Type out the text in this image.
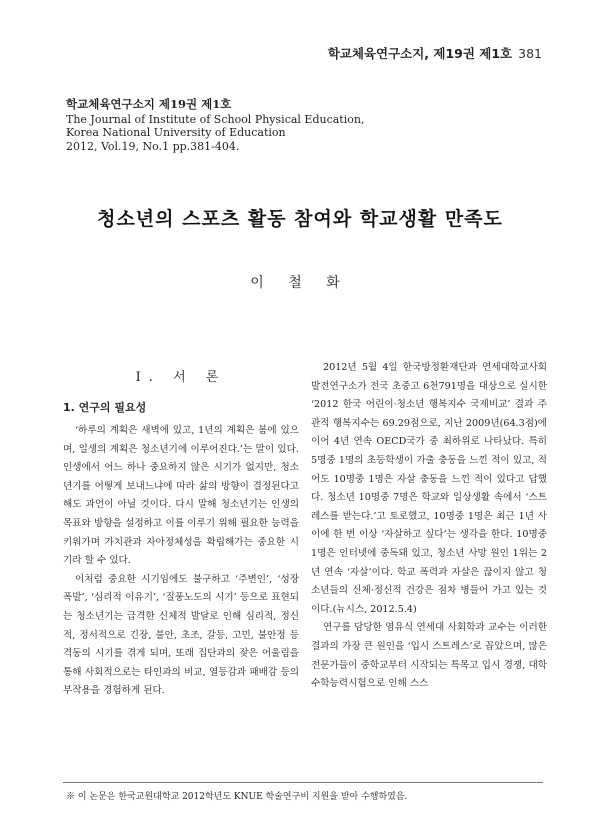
학교체육연구소지, 제19권 제1호 381
학교체육연구소지 제19권 제1호
The Journal of Institute of School Physical Education,
Korea National University of Education
2012, Vol.19, No.1 pp.381-404.
청소년의 스포츠 활동 참여와 학교생활 만족도
이 철 화
I. 서 론
1. 연구의 필요성

‘하루의 계획은 새벽에 있고, 1년의 계획은 봄에 있으며, 일생의 계획은 청소년기에 이루어진다.’는 말이 있다. 인생에서 어느 하나 중요하지 않은 시기가 없지만, 청소년기를 어떻게 보내느냐에 따라 삶의 방향이 결정된다고 해도 과언이 아닐 것이다. 다시 말해 청소년기는 인생의 목표와 방향을 설정하고 이를 이루기 위해 필요한 능력을 키워가며 가치관과 자아정체성을 확립해가는 중요한 시기라 할 수 있다.

이처럼 중요한 시기임에도 불구하고 ‘주변인’, ‘성장 폭발’, ‘심리적 이유기’, ‘질풍노도의 시기’ 등으로 표현되는 청소년기는 급격한 신체적 발달로 인해 심리적, 정신적, 정서적으로 긴장, 불안, 초조, 갈등, 고민, 불안정 등 격동의 시기를 겪게 되며, 또래 집단과의 잦은 어울림을 통해 사회적으로는 타인과의 비교, 열등감과 패배감 등의 부작용을 경험하게 된다.

2012년 5월 4일 한국방정환재단과 연세대학교사회발전연구소가 전국 초중고 6천791명을 대상으로 실시한 ‘2012 한국 어린이·청소년 행복지수 국제비교’ 결과 주관적 행복지수는 69.29점으로, 지난 2009년(64.3점)에 이어 4년 연속 OECD국가 중 최하위로 나타났다. 특히 5명중 1명의 초등학생이 가출 충동을 느낀 적이 있고, 적어도 10명중 1명은 자살 충동을 느낀 적이 있다고 답했다. 청소년 10명중 7명은 학교와 일상생활 속에서 ‘스트레스를 받는다.’고 토로했고, 10명중 1명은 최근 1년 사이에 한 번 이상 ‘자살하고 싶다’는 생각을 한다. 10명중 1명은 인터넷에 중독돼 있고, 청소년 사망 원인 1위는 2년 연속 ‘자살’이다. 학교 폭력과 자살은 끊이지 않고 청소년들의 신체·정신적 건강은 점차 병들어 가고 있는 것이다.(뉴시스, 2012.5.4)

연구를 담당한 염유식 연세대 사회학과 교수는 이러한 결과의 가장 큰 원인을 ‘입시 스트레스’로 꼽았으며, 많은 전문가들이 중학교부터 시작되는 특목고 입시 경쟁, 대학 수학능력시험으로 인해 스스

※ 이 논문은 한국교원대학교 2012학년도 KNUE 학술연구비 지원을 받아 수행하였음.
